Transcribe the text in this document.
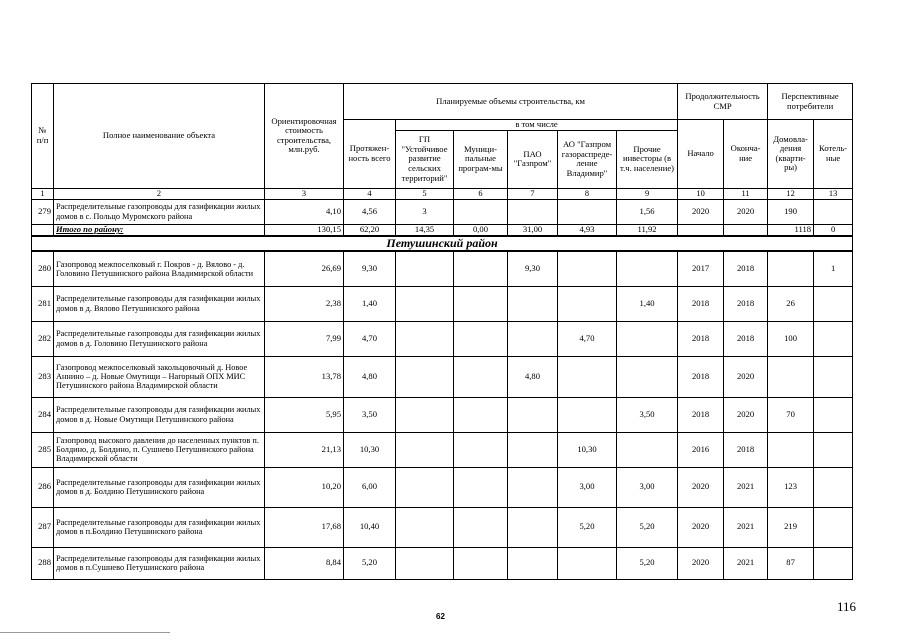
№ п/п	Полное наименование объекта	Ориентировочная стоимость строительства, млн.руб.	Планируемые объемы строительства, км						Продолжительность СМР		Перспективные потребители	
			Протяжен-ность всего	в том числе					Начало	Оконча-ние	Домовла-дения (кварти-ры)	Котель-ные
				ГП "Устойчивое развитие сельских территорий"	Муници-пальные програм-мы	ПАО "Газпром"	АО "Газпром газораспреде-ление Владимир"	Прочие инвесторы (в т.ч. население)				
1	2	3	4	5	6	7	8	9	10	11	12	13
279	Распределительные газопроводы для газификации жилых домов в с. Польцо Муромского района	4,10	4,56	3				1,56	2020	2020	190	
	Итого по району:	130,15	62,20	14,35	0,00	31,00	4,93	11,92			1118	0
Петушинский район												
280	Газопровод межпоселковый г. Покров - д. Вялово - д. Головино Петушинского района Владимирской области	26,69	9,30			9,30			2017	2018		1
281	Распределительные газопроводы для газификации жилых домов в д. Вялово Петушинского района	2,38	1,40					1,40	2018	2018	26	
282	Распределительные газопроводы для газификации жилых домов в д. Головино Петушинского района	7,99	4,70				4,70		2018	2018	100	
283	Газопровод межпоселковый закольцовочный д. Новое Аннино – д. Новые Омутищи – Нагорный ОПХ МИС Петушинского района Владимирской области	13,78	4,80			4,80			2018	2020		
284	Распределительные газопроводы для газификации жилых домов в д. Новые Омутищи Петушинского района	5,95	3,50					3,50	2018	2020	70	
285	Газопровод высокого давления до населенных пунктов п. Болдино, д. Болдино, п. Сушнево Петушинского района Владимирской области	21,13	10,30				10,30		2016	2018		
286	Распределительные газопроводы для газификации жилых домов в д. Болдино Петушинского района	10,20	6,00				3,00	3,00	2020	2021	123	
287	Распределительные газопроводы для газификации жилых домов в п.Болдино Петушинского района	17,68	10,40				5,20	5,20	2020	2021	219	
288	Распределительные газопроводы для газификации жилых домов в п.Сушнево Петушинского района	8,84	5,20					5,20	2020	2021	87	
62
116
